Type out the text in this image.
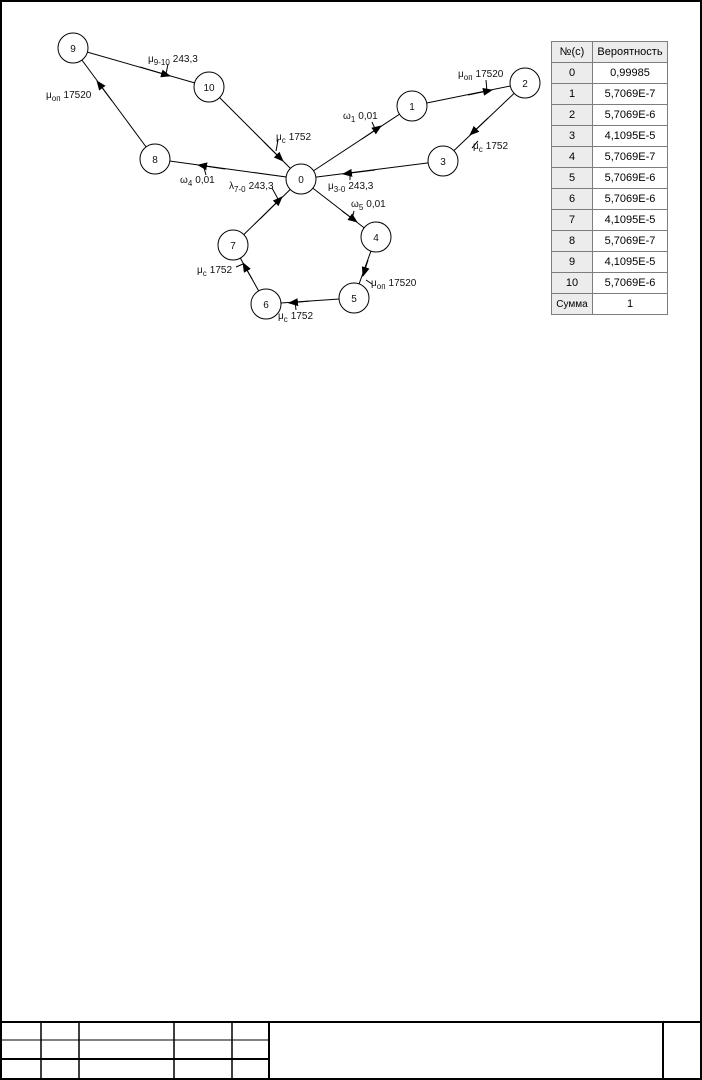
9
10
1
2
8	3
0
4
7
5
6
$\mu_{9-10}$ 243,3
$\mu_{оп}$ 17520
$\mu_c$ 1752
$\omega_1$ 0,01
$\mu_{оп}$ 17520
$\mu_c$ 1752
$\omega_4$ 0,01
$\lambda_{7-0}$ 243,3	$\mu_{3-0}$ 243,3
$\omega_5$ 0,01
$\mu_c$ 1752
$\mu_{оп}$ 17520
$\mu_c$ 1752
№(c)	Вероятность
0	0,99985
1	5,7069E-7
2	5,7069E-6
3	4,1095E-5
4	5,7069E-7
5	5,7069E-6
6	5,7069E-6
7	4,1095E-5
8	5,7069E-7
9	4,1095E-5
10	5,7069E-6
Сумма	1
